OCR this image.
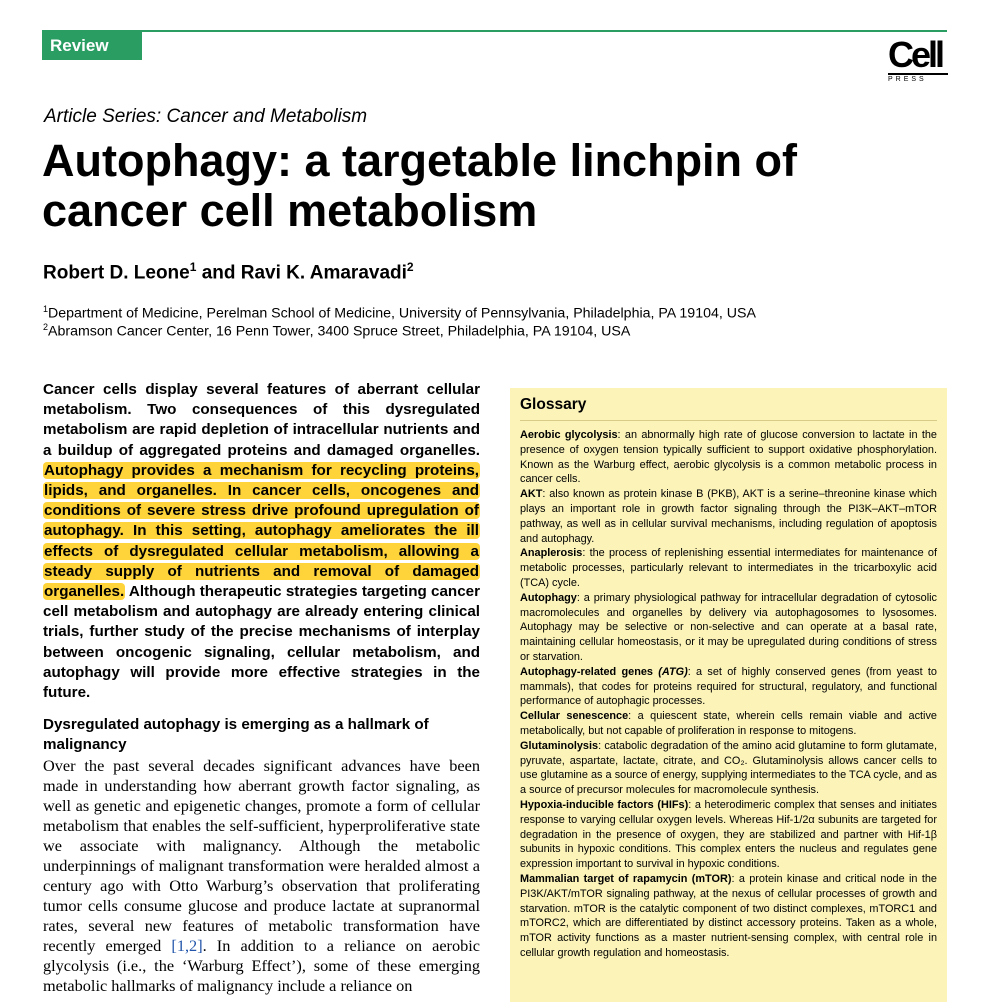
Review	Cell
PRESS
Article Series: Cancer and Metabolism
Autophagy: a targetable linchpin of
cancer cell metabolism
Robert D. Leone$^1$ and Ravi K. Amaravadi$^2$
$^1$Department of Medicine, Perelman School of Medicine, University of Pennsylvania, Philadelphia, PA 19104, USA
$^2$Abramson Cancer Center, 16 Penn Tower, 3400 Spruce Street, Philadelphia, PA 19104, USA

Cancer cells display several features of aberrant cellular metabolism. Two consequences of this dysregulated metabolism are rapid depletion of intracellular nutrients and a buildup of aggregated proteins and damaged organelles. Autophagy provides a mechanism for recycling proteins, lipids, and organelles. In cancer cells, oncogenes and conditions of severe stress drive profound upregulation of autophagy. In this setting, autophagy ameliorates the ill effects of dysregulated cellular metabolism, allowing a steady supply of nutrients and removal of damaged organelles. Although therapeutic strategies targeting cancer cell metabolism and autophagy are already entering clinical trials, further study of the precise mechanisms of interplay between oncogenic signaling, cellular metabolism, and autophagy will provide more effective strategies in the future.

Dysregulated autophagy is emerging as a hallmark of malignancy

Over the past several decades significant advances have been made in understanding how aberrant growth factor signaling, as well as genetic and epigenetic changes, promote a form of cellular metabolism that enables the self-sufficient, hyperproliferative state we associate with malignancy. Although the metabolic underpinnings of malignant transformation were heralded almost a century ago with Otto Warburg’s observation that proliferating tumor cells consume glucose and produce lactate at supranormal rates, several new features of metabolic transformation have recently emerged [1,2]. In addition to a reliance on aerobic glycolysis (i.e., the ‘Warburg Effect’), some of these emerging metabolic hallmarks of malignancy include a reliance on

Glossary

Aerobic glycolysis: an abnormally high rate of glucose conversion to lactate in the presence of oxygen tension typically sufficient to support oxidative phosphorylation. Known as the Warburg effect, aerobic glycolysis is a common metabolic process in cancer cells.

AKT: also known as protein kinase B (PKB), AKT is a serine–threonine kinase which plays an important role in growth factor signaling through the PI3K–AKT–mTOR pathway, as well as in cellular survival mechanisms, including regulation of apoptosis and autophagy.

Anaplerosis: the process of replenishing essential intermediates for maintenance of metabolic processes, particularly relevant to intermediates in the tricarboxylic acid (TCA) cycle.

Autophagy: a primary physiological pathway for intracellular degradation of cytosolic macromolecules and organelles by delivery via autophagosomes to lysosomes. Autophagy may be selective or non-selective and can operate at a basal rate, maintaining cellular homeostasis, or it may be upregulated during conditions of stress or starvation.

Autophagy-related genes (ATG): a set of highly conserved genes (from yeast to mammals), that codes for proteins required for structural, regulatory, and functional performance of autophagic processes.

Cellular senescence: a quiescent state, wherein cells remain viable and active metabolically, but not capable of proliferation in response to mitogens.

Glutaminolysis: catabolic degradation of the amino acid glutamine to form glutamate, pyruvate, aspartate, lactate, citrate, and CO₂. Glutaminolysis allows cancer cells to use glutamine as a source of energy, supplying intermediates to the TCA cycle, and as a source of precursor molecules for macromolecule synthesis.

Hypoxia-inducible factors (HIFs): a heterodimeric complex that senses and initiates response to varying cellular oxygen levels. Whereas Hif-1/2α subunits are targeted for degradation in the presence of oxygen, they are stabilized and partner with Hif-1β subunits in hypoxic conditions. This complex enters the nucleus and regulates gene expression important to survival in hypoxic conditions.

Mammalian target of rapamycin (mTOR): a protein kinase and critical node in the PI3K/AKT/mTOR signaling pathway, at the nexus of cellular processes of growth and starvation. mTOR is the catalytic component of two distinct complexes, mTORC1 and mTORC2, which are differentiated by distinct accessory proteins. Taken as a whole, mTOR activity functions as a master nutrient-sensing complex, with central role in cellular growth regulation and homeostasis.
